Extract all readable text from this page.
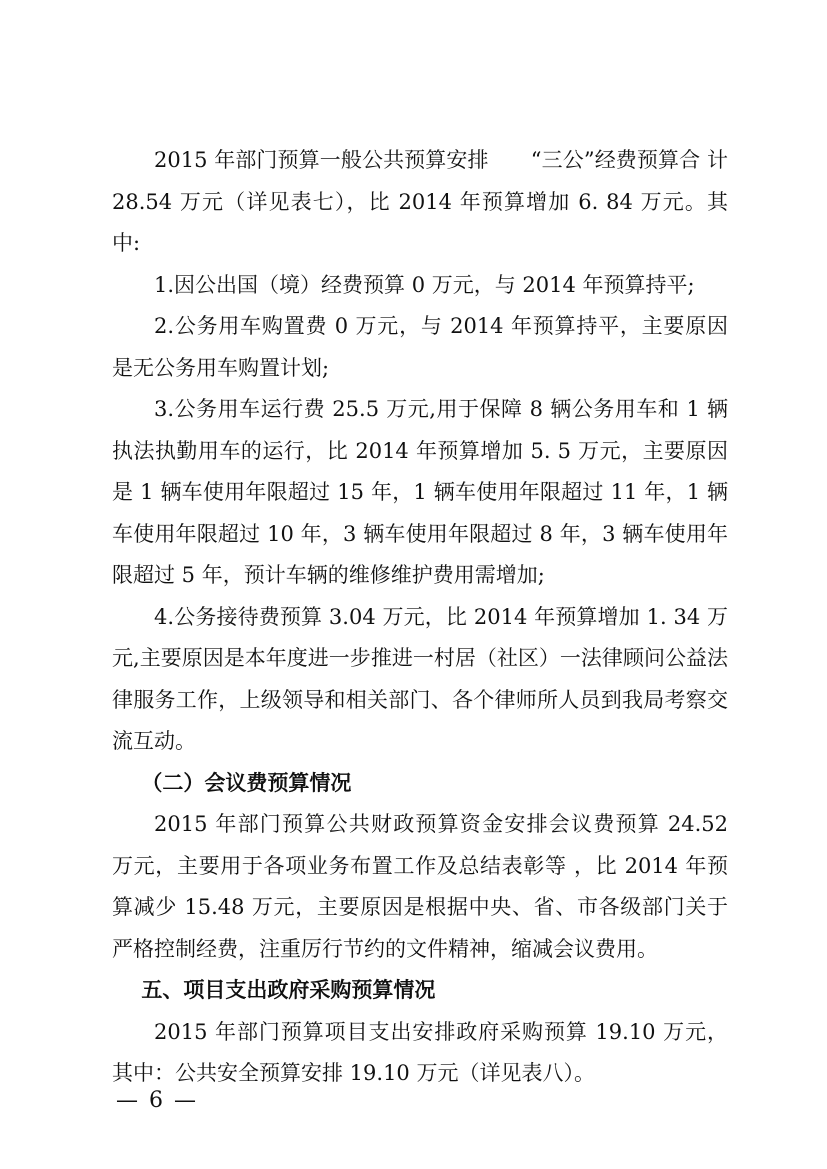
2015 年部门预算一般公共预算安排　　“三公”经费预算合 计 28.54 万元（详见表七），比 2014 年预算增加 6. 84 万元。其中:

1.因公出国（境）经费预算 0 万元，与 2014 年预算持平;

2.公务用车购置费 0 万元，与 2014 年预算持平，主要原因是无公务用车购置计划;

3.公务用车运行费 25.5 万元,用于保障 8 辆公务用车和 1 辆执法执勤用车的运行，比 2014 年预算增加 5. 5 万元，主要原因是 1 辆车使用年限超过 15 年，1 辆车使用年限超过 11 年，1 辆车使用年限超过 10 年，3 辆车使用年限超过 8 年，3 辆车使用年限超过 5 年，预计车辆的维修维护费用需增加;

4.公务接待费预算 3.04 万元，比 2014 年预算增加 1. 34 万元,主要原因是本年度进一步推进一村居（社区）一法律顾问公益法律服务工作，上级领导和相关部门、各个律师所人员到我局考察交流互动。

（二）会议费预算情况

2015 年部门预算公共财政预算资金安排会议费预算 24.52 万元，主要用于各项业务布置工作及总结表彰等 ，比 2014 年预算减少 15.48 万元，主要原因是根据中央、省、市各级部门关于严格控制经费，注重厉行节约的文件精神，缩减会议费用。

五、项目支出政府采购预算情况

2015 年部门预算项目支出安排政府采购预算 19.10 万元，其中：公共安全预算安排 19.10 万元（详见表八）。

— 6 —
